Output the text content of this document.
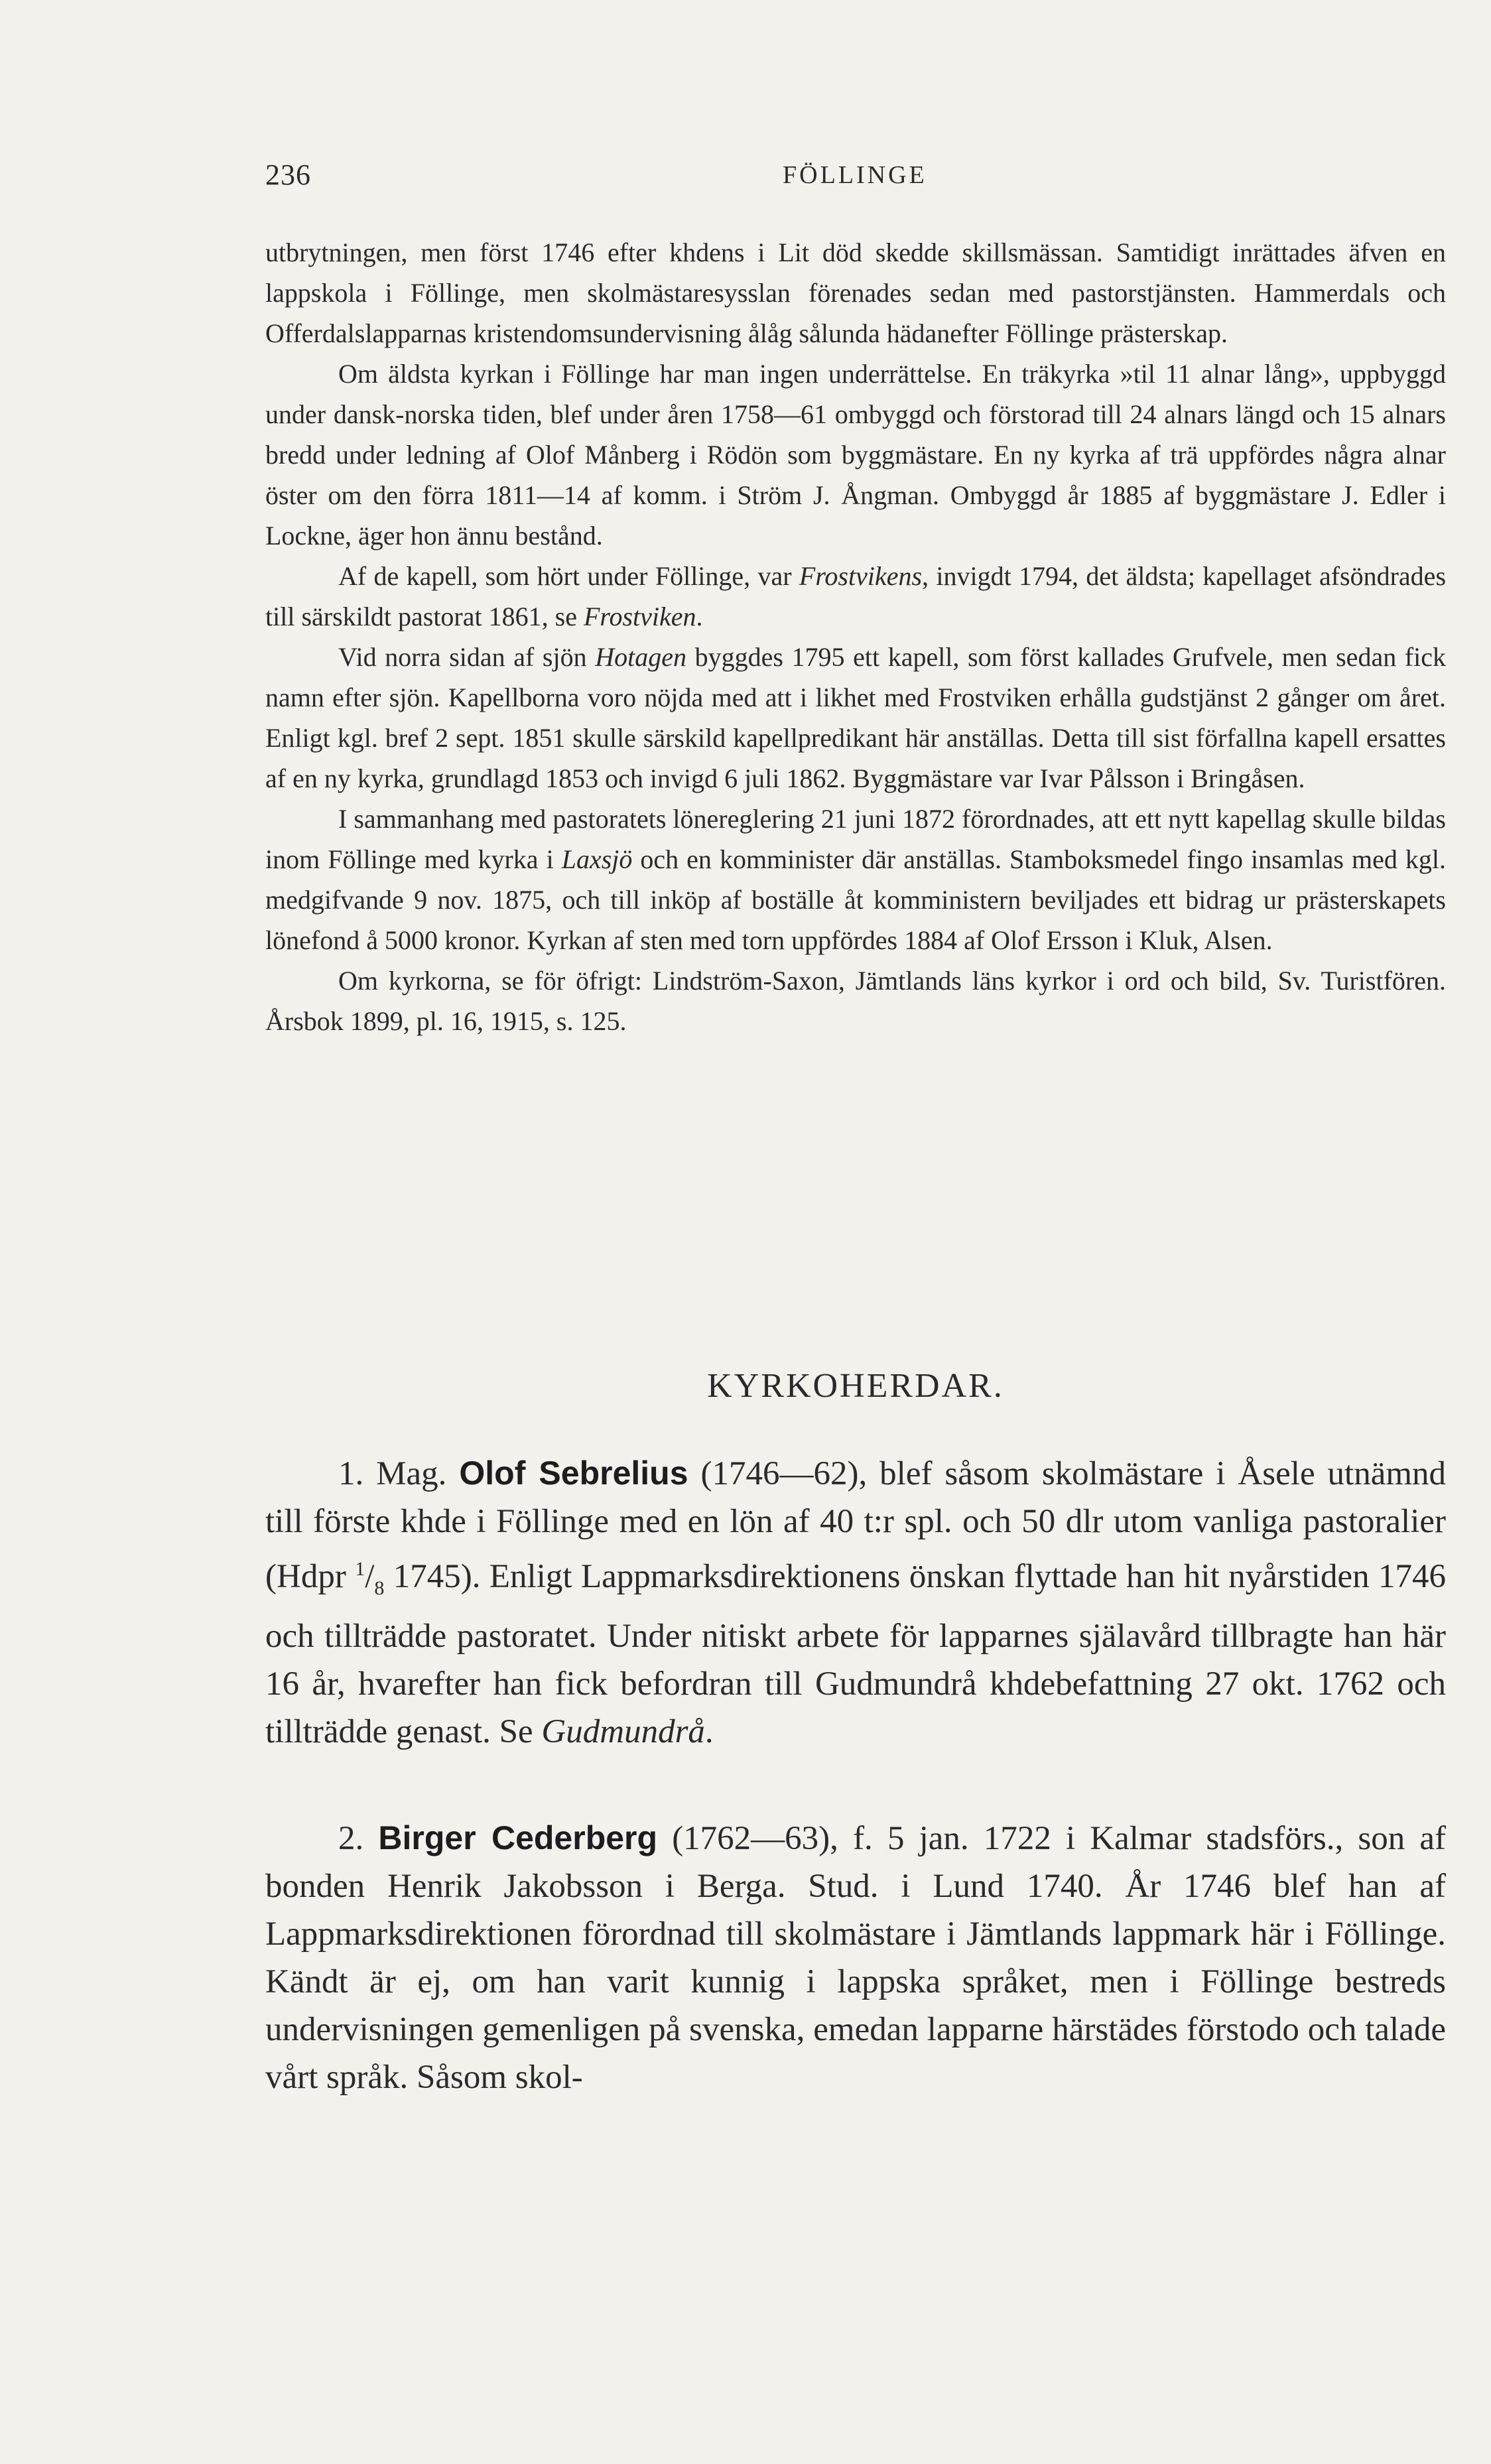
236	FÖLLINGE

utbrytningen, men först 1746 efter khdens i Lit död skedde skillsmässan. Samtidigt inrättades äfven en lappskola i Föllinge, men skolmästaresysslan förenades sedan med pastorstjänsten. Hammerdals och Offerdalslapparnas kristendomsundervisning ålåg sålunda hädanefter Föllinge prästerskap.

Om äldsta kyrkan i Föllinge har man ingen underrättelse. En träkyrka »til 11 alnar lång», uppbyggd under dansk-norska tiden, blef under åren 1758—61 ombyggd och förstorad till 24 alnars längd och 15 alnars bredd under ledning af Olof Månberg i Rödön som byggmästare. En ny kyrka af trä uppfördes några alnar öster om den förra 1811—14 af komm. i Ström J. Ångman. Ombyggd år 1885 af byggmästare J. Edler i Lockne, äger hon ännu bestånd.

Af de kapell, som hört under Föllinge, var Frostvikens, invigdt 1794, det äldsta; kapellaget afsöndrades till särskildt pastorat 1861, se Frostviken.

Vid norra sidan af sjön Hotagen byggdes 1795 ett kapell, som först kallades Grufvele, men sedan fick namn efter sjön. Kapellborna voro nöjda med att i likhet med Frostviken erhålla gudstjänst 2 gånger om året. Enligt kgl. bref 2 sept. 1851 skulle särskild kapellpredikant här anställas. Detta till sist förfallna kapell ersattes af en ny kyrka, grundlagd 1853 och invigd 6 juli 1862. Byggmästare var Ivar Pålsson i Bringåsen.

I sammanhang med pastoratets lönereglering 21 juni 1872 förordnades, att ett nytt kapellag skulle bildas inom Föllinge med kyrka i Laxsjö och en komminister där anställas. Stamboksmedel fingo insamlas med kgl. medgifvande 9 nov. 1875, och till inköp af boställe åt komministern beviljades ett bidrag ur prästerskapets lönefond å 5000 kronor. Kyrkan af sten med torn uppfördes 1884 af Olof Ersson i Kluk, Alsen.

Om kyrkorna, se för öfrigt: Lindström-Saxon, Jämtlands läns kyrkor i ord och bild, Sv. Turistfören. Årsbok 1899, pl. 16, 1915, s. 125.

KYRKOHERDAR.

1. Mag. Olof Sebrelius (1746—62), blef såsom skolmästare i Åsele utnämnd till förste khde i Föllinge med en lön af 40 t:r spl. och 50 dlr utom vanliga pastoralier (Hdpr $^1/_8$ 1745). Enligt Lappmarksdirektionens önskan flyttade han hit nyårstiden 1746 och tillträdde pastoratet. Under nitiskt arbete för lapparnes själavård tillbragte han här 16 år, hvarefter han fick befordran till Gudmundrå khdebefattning 27 okt. 1762 och tillträdde genast. Se Gudmundrå.

2. Birger Cederberg (1762—63), f. 5 jan. 1722 i Kalmar stadsförs., son af bonden Henrik Jakobsson i Berga. Stud. i Lund 1740. År 1746 blef han af Lappmarksdirektionen förordnad till skolmästare i Jämtlands lappmark här i Föllinge. Kändt är ej, om han varit kunnig i lappska språket, men i Föllinge bestreds undervisningen gemenligen på svenska, emedan lapparne härstädes förstodo och talade vårt språk. Såsom skol-
